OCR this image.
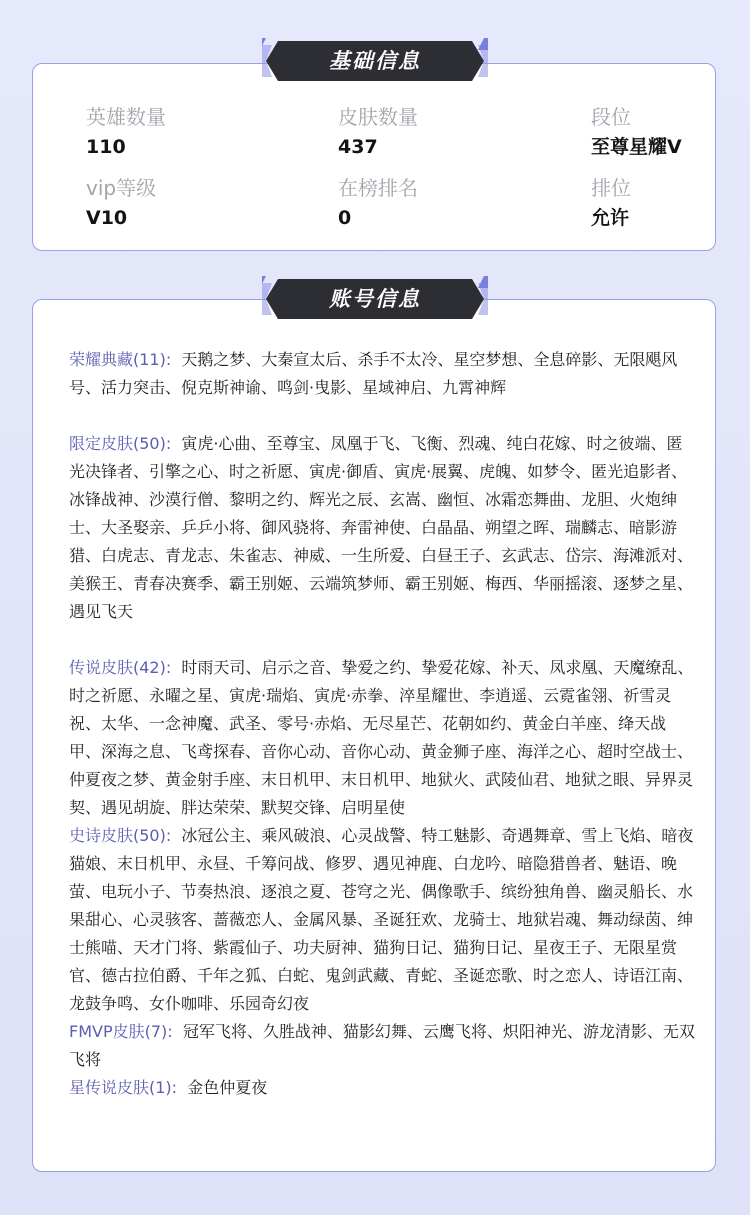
英雄数量
110
皮肤数量
437
段位
至尊星耀V
vip等级
V10
在榜排名
0
排位
允许
基础信息

荣耀典藏(11): 天鹅之梦、大秦宣太后、杀手不太冷、星空梦想、全息碎影、无限飓风号、活力突击、倪克斯神谕、鸣剑·曳影、星域神启、九霄神辉

限定皮肤(50): 寅虎·心曲、至尊宝、凤凰于飞、飞衡、烈魂、纯白花嫁、时之彼端、匿光决锋者、引擎之心、时之祈愿、寅虎·御盾、寅虎·展翼、虎魄、如梦令、匿光追影者、冰锋战神、沙漠行僧、黎明之约、辉光之辰、玄嵩、幽恒、冰霜恋舞曲、龙胆、火炮绅士、大圣娶亲、乒乒小将、御风骁将、奔雷神使、白晶晶、朔望之晖、瑞麟志、暗影游猎、白虎志、青龙志、朱雀志、神威、一生所爱、白昼王子、玄武志、岱宗、海滩派对、美猴王、青春决赛季、霸王别姬、云端筑梦师、霸王别姬、梅西、华丽摇滚、逐梦之星、遇见飞天

传说皮肤(42): 时雨天司、启示之音、挚爱之约、挚爱花嫁、补天、凤求凰、天魔缭乱、时之祈愿、永曜之星、寅虎·瑞焰、寅虎·赤拳、淬星耀世、李逍遥、云霓雀翎、祈雪灵祝、太华、一念神魔、武圣、零号·赤焰、无尽星芒、花朝如约、黄金白羊座、绛天战甲、深海之息、飞鸢探春、音你心动、音你心动、黄金狮子座、海洋之心、超时空战士、仲夏夜之梦、黄金射手座、末日机甲、末日机甲、地狱火、武陵仙君、地狱之眼、异界灵契、遇见胡旋、胖达荣荣、默契交锋、启明星使

史诗皮肤(50): 冰冠公主、乘风破浪、心灵战警、特工魅影、奇遇舞章、雪上飞焰、暗夜猫娘、末日机甲、永昼、千筹问战、修罗、遇见神鹿、白龙吟、暗隐猎兽者、魅语、晚萤、电玩小子、节奏热浪、逐浪之夏、苍穹之光、偶像歌手、缤纷独角兽、幽灵船长、水果甜心、心灵骇客、蔷薇恋人、金属风暴、圣诞狂欢、龙骑士、地狱岩魂、舞动绿茵、绅士熊喵、天才门将、紫霞仙子、功夫厨神、猫狗日记、猫狗日记、星夜王子、无限星赏官、德古拉伯爵、千年之狐、白蛇、鬼剑武藏、青蛇、圣诞恋歌、时之恋人、诗语江南、龙鼓争鸣、女仆咖啡、乐园奇幻夜

FMVP皮肤(7): 冠军飞将、久胜战神、猫影幻舞、云鹰飞将、炽阳神光、游龙清影、无双飞将

星传说皮肤(1): 金色仲夏夜

账号信息
